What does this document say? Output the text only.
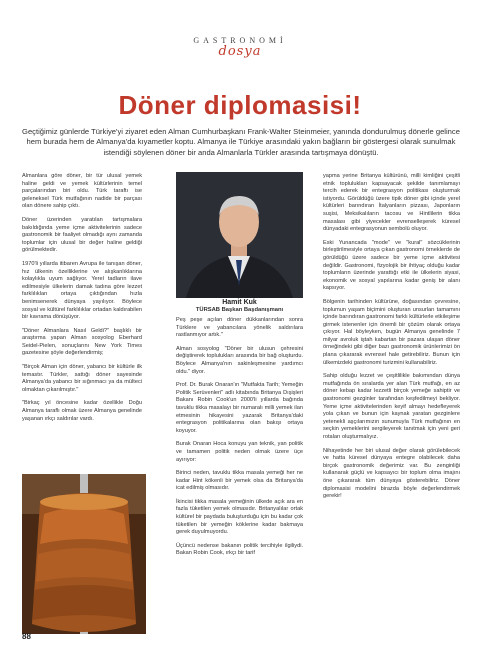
GASTRONOMİ
dosya
Döner diplomasisi!
Geçtiğimiz günlerde Türkiye'yi ziyaret eden Alman Cumhurbaşkanı Frank-Walter Steinmeier, yanında dondurulmuş dönerle gelince hem burada hem de Almanya'da kıyametler koptu. Almanya ile Türkiye arasındaki yakın bağların bir göstergesi olarak sunulmak istendiği söylenen döner bir anda Almanlarla Türkler arasında tartışmaya dönüştü.

Almanlara göre döner, bir tür ulusal yemek haline geldi ve yemek kültürlerinin temel parçalarından biri oldu. Türk taraftı ise geleneksel Türk mutfağının nadide bir parçası olan dönere sahip çıktı.

Döner üzerinden yaratılan tartışmalara bakıldığında yeme içme aktivitelerinin sadece gastronomik bir faaliyet olmadığı aynı zamanda toplumlar için ulusal bir değer haline geldiği görülmektedir.

1970'li yıllarda itibaren Avrupa ile tanışan döner, hız ülkenin özelliklerine ve alışkanlıklarına kolaylıkla uyum sağlıyor. Yerel tadların ilave edilmesiyle ülkelerin damak tadına göre lezzet farklılıkları ortaya çıktığından hızla benimsenerek dünyaya yayılıyor. Böylece sosyal ve kültürel farklılıklar ortadan kaldırabilen bir kavrama dönüşüyor.

"Döner Almanlara Nasıl Geldi?" başlıklı bir araştırma yapan Alman sosyolog Eberhard Seidel-Pielen, sonuçlarını New York Times gazetesine şöyle değerlendirmiş;

"Birçok Alman için döner, yabancı bir kültürle ilk temastır. Türkler, sattığı döner sayesinde Almanya'da yabancı bir sığınmacı ya da mülteci olmaktan çıkarılmıştır."

"Birkaç yıl öncesine kadar özellikle Doğu Almanya taraflı olmak üzere Almanya genelinde yaşanan ırkçı saldırılar vardı.

Hamit Kuk
TÜRSAB Başkan Başdanışmanı

Peş peşe açılan döner dükkanlarından sonra Türklere ve yabancılara yönelik saldırılara rastlanmıyor artık."

Alman sosyolog "Döner bir ulusun çehresini değiştirerek toplulukları arasında bir bağ oluşturdu. Böylece Almanya'nın sakinleşmesine yardımcı oldu." diyor.

Prof. Dr. Burak Onaran'ın "Mutfakta Tarih; Yemeğin Politik Serüvenleri" adlı kitabında Britanya Dışişleri Bakanı Robin Cook'un 2000'li yıllarda bağında tavuklu tikka masalayı bir numaralı milli yemek ilan etmesinin hikayesini yazarak Britanya'daki entegrasyon politikalarına olan bakışı ortaya koyuyor.

Burak Onaran Hoca konuyu yan teknik, yan politik ve tamamen politik neden olmak üzere üçe ayırıyor:

Birinci neden, tavuklu tikka masala yemeği her ne kadar Hint kökenli bir yemek olsa da Britanya'da icat edilmiş olmasıdır.

İkincisi tikka masala yemeğinin ülkede açık ara en fazla tüketilen yemek olmasıdır. Britanyalılar ortak kültürel bir paydada buluşturduğu için bu kadar çok tüketilen bir yemeğin köklerine kadar bakmaya gerek duyulmuyordu.

Üçüncü nedense bakanın politik tercihiyle ilgiliydi. Bakan Robin Cook, ırkçı bir tarif

yapma yerine Britanya kültürünü, milli kimliğini çeşitli etnik toplulukları kapsayacak şekilde tanımlamayı tercih ederek bir entegrasyon politikası oluşturmak istiyordu. Görüldüğü üzere tipik döner gibi içinde yerel kültürleri barındıran İtalyanların pizzası, Japonların suşisi, Meksikalıların tacosu ve Hintlilerin tikka masalası gibi yiyecekler evrenselleşerek küresel dünyadaki entegrasyonun sembolü oluyor.

Eski Yunancada "mode" ve "kural" sözcüklerinin birleştirilmesiyle ortaya çıkan gastronomi örneklerde de görüldüğü üzere sadece bir yeme içme aktivitesi değildir. Gastronomi, fizyolojik bir ihtiyaç olduğu kadar toplumların üzerinde yarattığı etki ile ülkelerin siyasi, ekonomik ve sosyal yapılarına kadar geniş bir alanı kapsıyor.

Bölgenin tarihinden kültürüne, doğasından çevresine, toplumun yaşam biçimini oluşturan unsurları tamamını içinde barındıran gastronomi farklı kültürlerle etkileşime girmek istenenler için önemli bir çözüm olarak ortaya çıkıyor. Hal böyleyken, bugün Almanya genelinde 7 milyar avroluk iştah kabartan bir pazara ulaşan döner örneğindeki gibi diğer bazı gastronomik ürünlerimizi ön plana çıkararak evrensel hale getirebiliriz. Bunun için ülkemizdeki gastronomi turizmini kullanabiliriz.

Sahip olduğu lezzet ve çeşitlilikle bakımından dünya mutfağında ön sıralarda yer alan Türk mutfağı, en az döner kebap kadar lezzetli birçok yemeğe sahiptir ve gastronomi gezginler tarafından keşfedilmeyi bekliyor. Yeme içme aktivitelerinden keyif almayı hedefleyerek yola çıkan ve bunun için kaynak yaratan gezginlere yetenekli aşçılarımızın sunumuyla Türk mutfağının en seçkin yemeklerini sergileyerek tanıtmak için yeni geri rotaları oluşturmalıyız.

Nihayetinde her biri ulusal değer olarak görülebilecek ve hatta küresel dünyaya entegre olabilecek daha birçok gastronomik değerimiz var. Bu zenginliği kullanarak güçlü ve kapsayıcı bir toplum olma imajını öne çıkararak tüm dünyaya gösterebiliriz. Döner diplomasisi modelini birazda böyle değerlendirmek gerekir!

88
